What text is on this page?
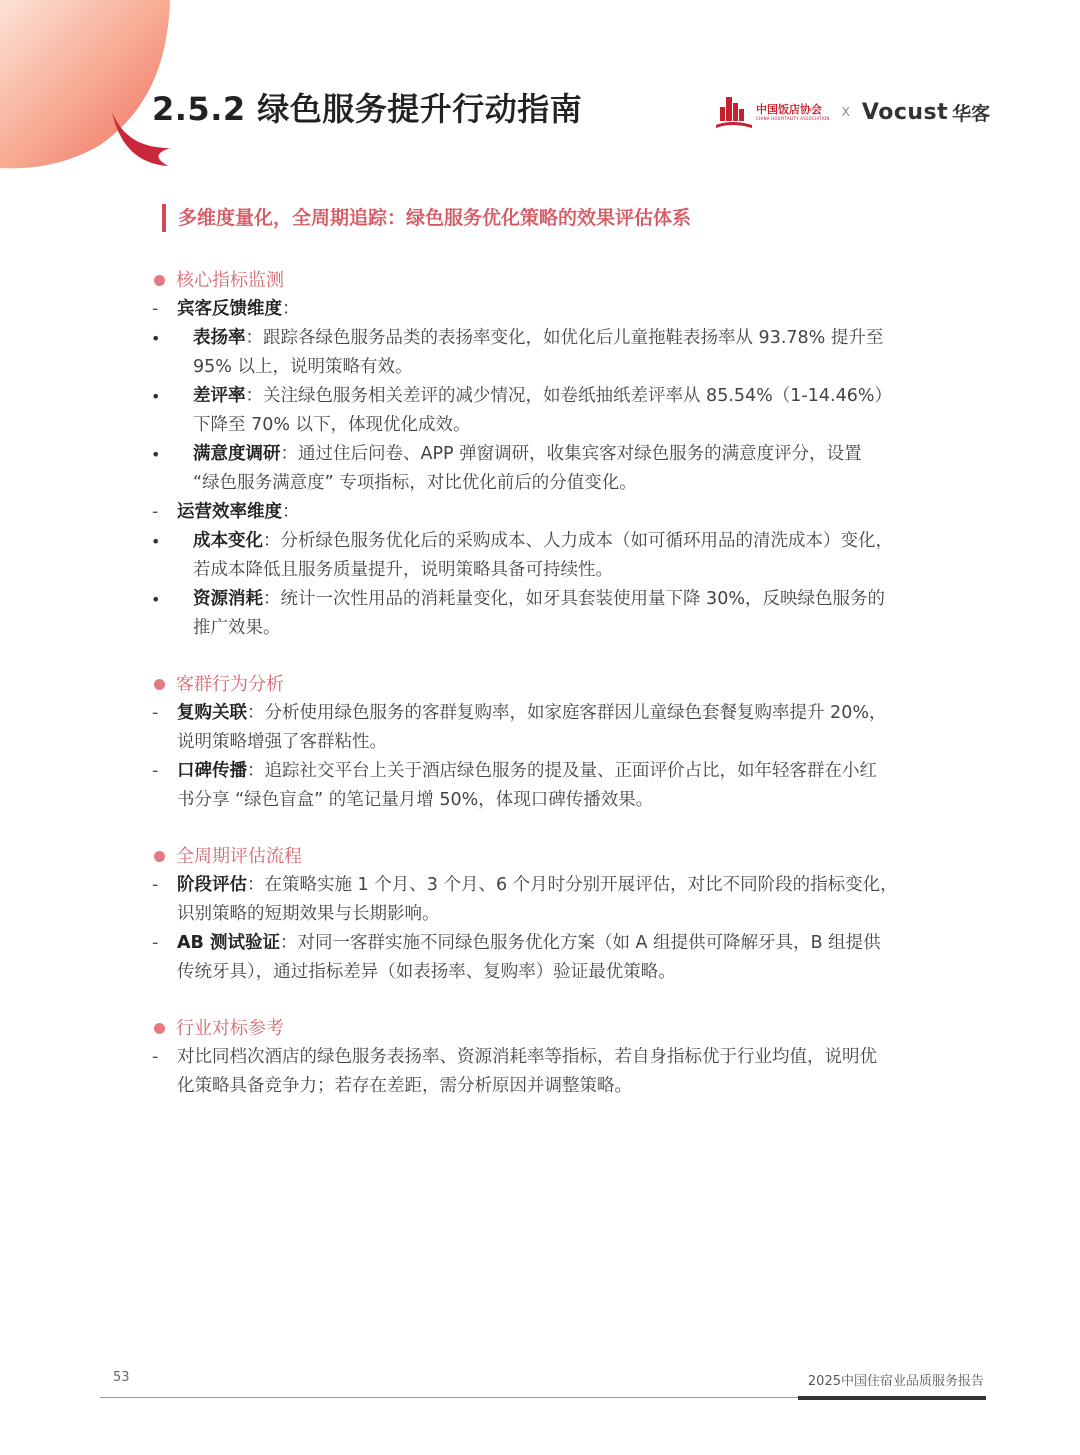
2.5.2 绿色服务提升行动指南	中国饭店协会
CHINA HOSPITALITY ASSOCIATION X Vocust 华客
多维度量化，全周期追踪：绿色服务优化策略的效果评估体系
核心指标监测
- 宾客反馈维度：
• 表扬率：跟踪各绿色服务品类的表扬率变化，如优化后儿童拖鞋表扬率从 93.78% 提升至
95% 以上，说明策略有效。
• 差评率：关注绿色服务相关差评的减少情况，如卷纸抽纸差评率从 85.54%（1-14.46%）
下降至 70% 以下，体现优化成效。
• 满意度调研：通过住后问卷、APP 弹窗调研，收集宾客对绿色服务的满意度评分，设置
“绿色服务满意度” 专项指标，对比优化前后的分值变化。
- 运营效率维度：
• 成本变化：分析绿色服务优化后的采购成本、人力成本（如可循环用品的清洗成本）变化，
若成本降低且服务质量提升，说明策略具备可持续性。
• 资源消耗：统计一次性用品的消耗量变化，如牙具套装使用量下降 30%，反映绿色服务的
推广效果。
客群行为分析
- 复购关联：分析使用绿色服务的客群复购率，如家庭客群因儿童绿色套餐复购率提升 20%，
说明策略增强了客群粘性。
- 口碑传播：追踪社交平台上关于酒店绿色服务的提及量、正面评价占比，如年轻客群在小红
书分享 “绿色盲盒” 的笔记量月增 50%，体现口碑传播效果。
全周期评估流程
- 阶段评估：在策略实施 1 个月、3 个月、6 个月时分别开展评估，对比不同阶段的指标变化，
识别策略的短期效果与长期影响。
- AB 测试验证：对同一客群实施不同绿色服务优化方案（如 A 组提供可降解牙具，B 组提供
传统牙具），通过指标差异（如表扬率、复购率）验证最优策略。
行业对标参考
- 对比同档次酒店的绿色服务表扬率、资源消耗率等指标，若自身指标优于行业均值，说明优
化策略具备竞争力；若存在差距，需分析原因并调整策略。
53	2025中国住宿业品质服务报告
